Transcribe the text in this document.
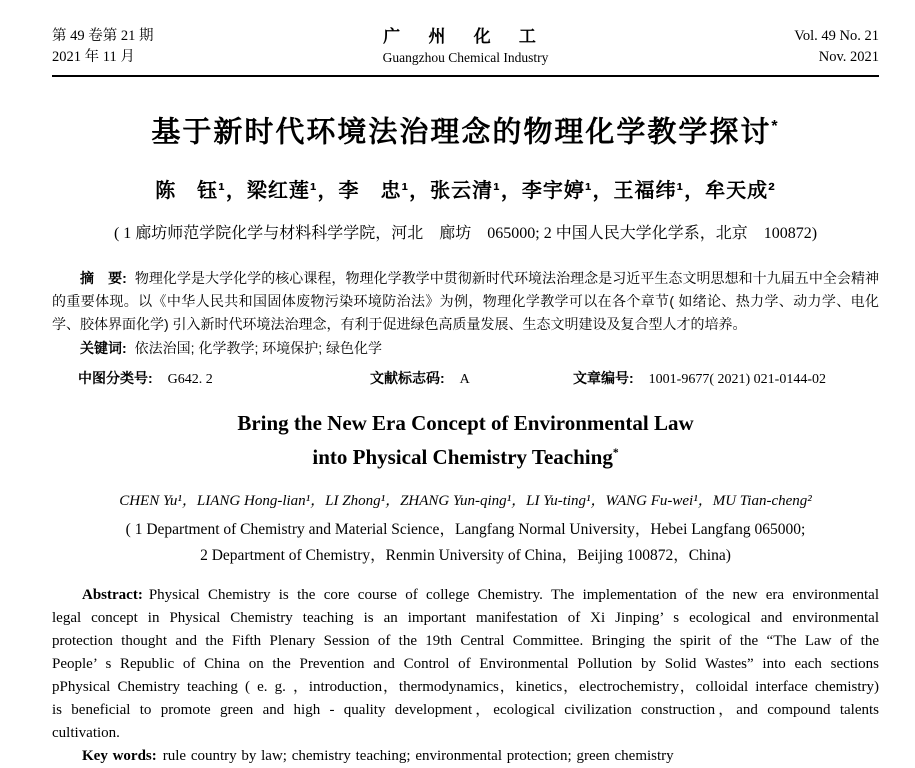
第 49 卷第 21 期
2021 年 11 月
广 州 化 工
Guangzhou Chemical Industry
Vol. 49 No. 21
Nov. 2021
基于新时代环境法治理念的物理化学教学探讨*
陈　钰¹，梁红莲¹，李　忠¹，张云清¹，李宇婷¹，王福纬¹，牟天成²
( 1 廊坊师范学院化学与材料科学学院，河北　廊坊　065000; 2 中国人民大学化学系，北京　100872)

摘　要: 物理化学是大学化学的核心课程，物理化学教学中贯彻新时代环境法治理念是习近平生态文明思想和十九届五中全会精神的重要体现。以《中华人民共和国固体废物污染环境防治法》为例，物理化学教学可以在各个章节( 如绪论、热力学、动力学、电化学、胶体界面化学) 引入新时代环境法治理念，有利于促进绿色高质量发展、生态文明建设及复合型人才的培养。

关键词: 依法治国; 化学教学; 环境保护; 绿色化学

中图分类号: G642. 2	文献标志码: A	文章编号: 1001-9677( 2021) 021-0144-02
Bring the New Era Concept of Environmental Law
into Physical Chemistry Teaching*
CHEN Yu¹，LIANG Hong-lian¹，LI Zhong¹，ZHANG Yun-qing¹，LI Yu-ting¹，WANG Fu-wei¹，MU Tian-cheng²
( 1 Department of Chemistry and Material Science，Langfang Normal University，Hebei Langfang 065000;
2 Department of Chemistry，Renmin University of China，Beijing 100872，China)

Abstract: Physical Chemistry is the core course of college Chemistry. The implementation of the new era environmental legal concept in Physical Chemistry teaching is an important manifestation of Xi Jinping’ s ecological and environmental protection thought and the Fifth Plenary Session of the 19th Central Committee. Bringing the spirit of the “The Law of the People’ s Republic of China on the Prevention and Control of Environmental Pollution by Solid Wastes” into each sections pPhysical Chemistry teaching ( e. g. ，introduction，thermodynamics，kinetics，electrochemistry，colloidal interface chemistry) is beneficial to promote green and high - quality development，ecological civilization construction，and compound talents cultivation.

Key words: rule country by law; chemistry teaching; environmental protection; green chemistry
